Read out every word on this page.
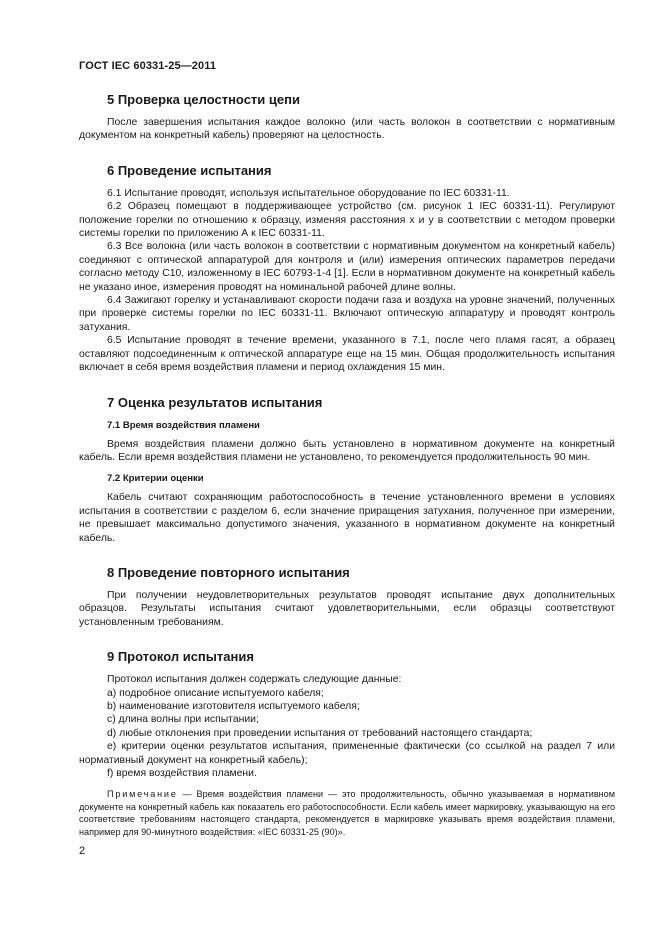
ГОСТ IEC 60331-25—2011
5 Проверка целостности цепи

После завершения испытания каждое волокно (или часть волокон в соответствии с нормативным документом на конкретный кабель) проверяют на целостность.

6 Проведение испытания

6.1 Испытание проводят, используя испытательное оборудование по IEC 60331-11.

6.2 Образец помещают в поддерживающее устройство (см. рисунок 1 IEC 60331-11). Регулируют положение горелки по отношению к образцу, изменяя расстояния x и y в соответствии с методом проверки системы горелки по приложению А к IEC 60331-11.

6.3 Все волокна (или часть волокон в соответствии с нормативным документом на конкретный кабель) соединяют с оптической аппаратурой для контроля и (или) измерения оптических параметров передачи согласно методу С10, изложенному в IEC 60793-1-4 [1]. Если в нормативном документе на конкретный кабель не указано иное, измерения проводят на номинальной рабочей длине волны.

6.4 Зажигают горелку и устанавливают скорости подачи газа и воздуха на уровне значений, полученных при проверке системы горелки по IEC 60331-11. Включают оптическую аппаратуру и проводят контроль затухания.

6.5 Испытание проводят в течение времени, указанного в 7.1, после чего пламя гасят, а образец оставляют подсоединенным к оптической аппаратуре еще на 15 мин. Общая продолжительность испытания включает в себя время воздействия пламени и период охлаждения 15 мин.

7 Оценка результатов испытания
7.1 Время воздействия пламени

Время воздействия пламени должно быть установлено в нормативном документе на конкретный кабель. Если время воздействия пламени не установлено, то рекомендуется продолжительность 90 мин.

7.2 Критерии оценки

Кабель считают сохраняющим работоспособность в течение установленного времени в условиях испытания в соответствии с разделом 6, если значение приращения затухания, полученное при измерении, не превышает максимально допустимого значения, указанного в нормативном документе на конкретный кабель.

8 Проведение повторного испытания

При получении неудовлетворительных результатов проводят испытание двух дополнительных образцов. Результаты испытания считают удовлетворительными, если образцы соответствуют установленным требованиям.

9 Протокол испытания

Протокол испытания должен содержать следующие данные:

a) подробное описание испытуемого кабеля;

b) наименование изготовителя испытуемого кабеля;

c) длина волны при испытании;

d) любые отклонения при проведении испытания от требований настоящего стандарта;

e) критерии оценки результатов испытания, примененные фактически (со ссылкой на раздел 7 или нормативный документ на конкретный кабель);

f) время воздействия пламени.

Примечание — Время воздействия пламени — это продолжительность, обычно указываемая в нормативном документе на конкретный кабель как показатель его работоспособности. Если кабель имеет маркировку, указывающую на его соответствие требованиям настоящего стандарта, рекомендуется в маркировке указывать время воздействия пламени, например для 90-минутного воздействия: «IEC 60331-25 (90)».
2
